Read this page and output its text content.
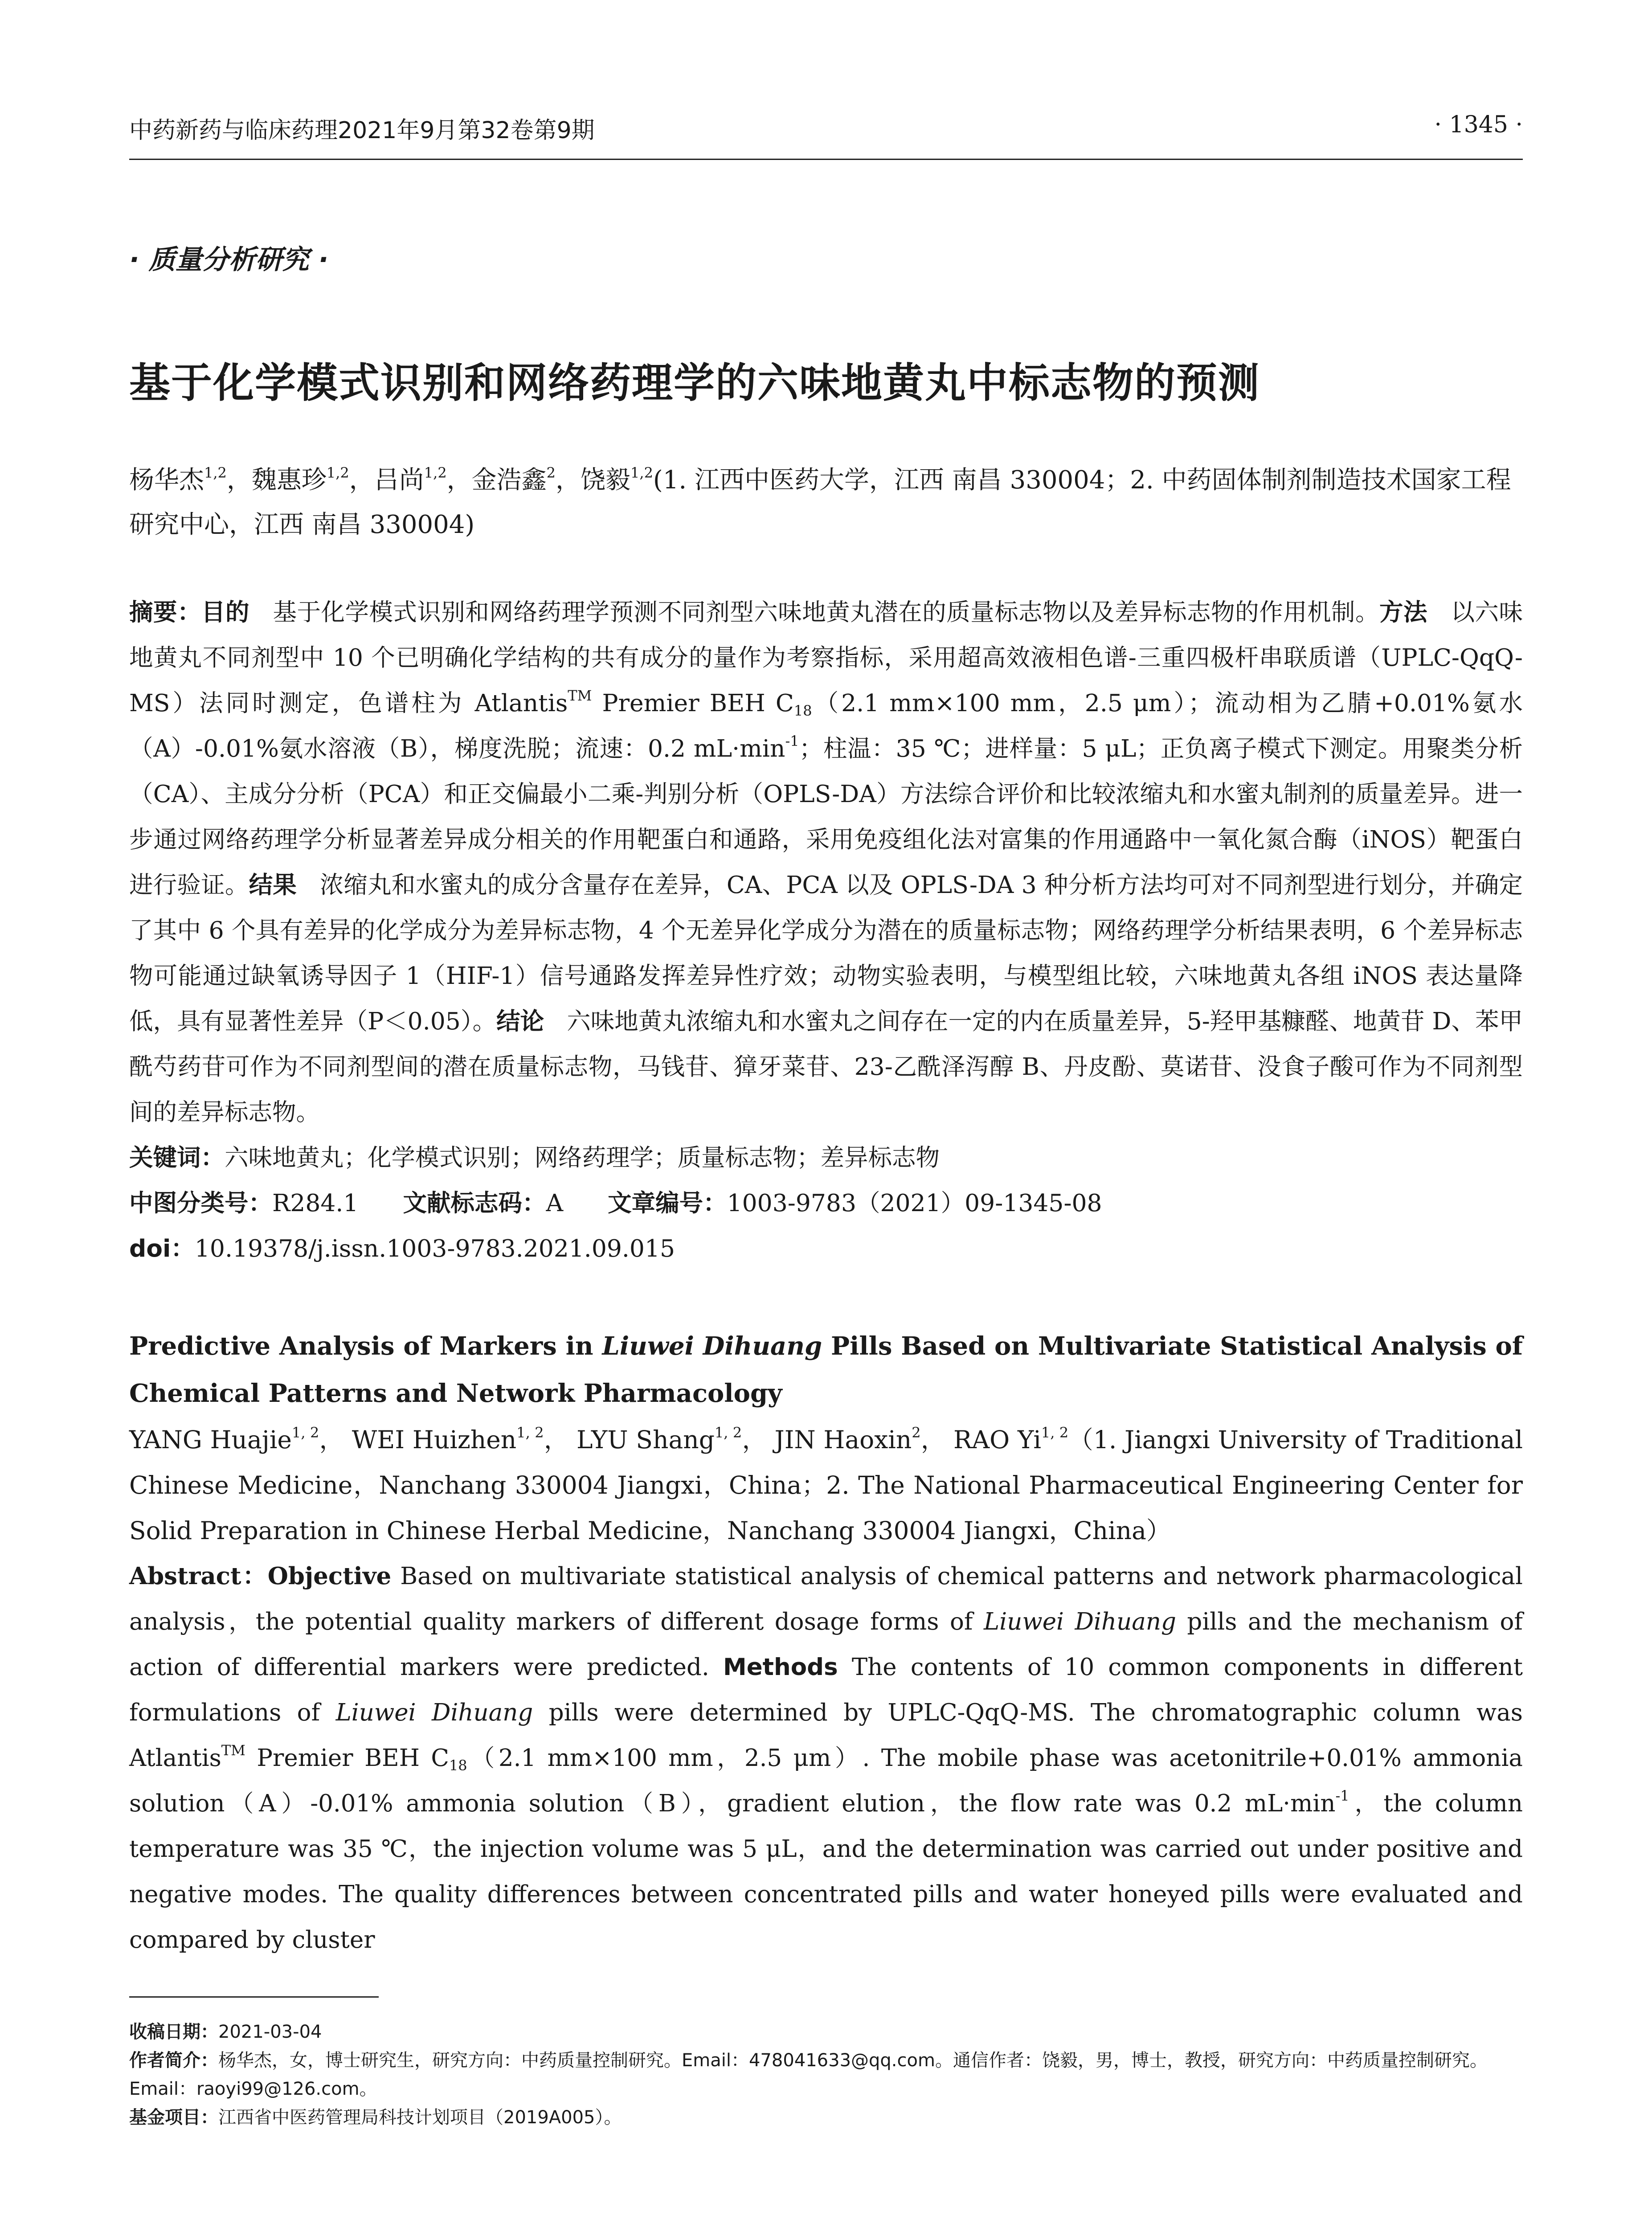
中药新药与临床药理2021年9月第32卷第9期	· 1345 ·
· 质量分析研究 ·
基于化学模式识别和网络药理学的六味地黄丸中标志物的预测

杨华杰$^{1,2}$，魏惠珍$^{1,2}$，吕尚$^{1,2}$，金浩鑫$^2$，饶毅$^{1,2}$(1. 江西中医药大学，江西 南昌 330004；2. 中药固体制剂制造技术国家工程研究中心，江西 南昌 330004)

摘要：目的 基于化学模式识别和网络药理学预测不同剂型六味地黄丸潜在的质量标志物以及差异标志物的作用机制。方法 以六味地黄丸不同剂型中 10 个已明确化学结构的共有成分的量作为考察指标，采用超高效液相色谱-三重四极杆串联质谱（UPLC-QqQ-MS）法同时测定，色谱柱为 Atlantis™ Premier BEH $C_{18}(2.1$ mm×100 mm，2.5 μm）；流动相为乙腈+0.01%氨水（A）-0.01%氨水溶液（B），梯度洗脱；流速：0.2 $mL\cdot\min^{-1}$；柱温：35 ℃；进样量：5 μL；正负离子模式下测定。用聚类分析（CA）、主成分分析（PCA）和正交偏最小二乘-判别分析（OPLS-DA）方法综合评价和比较浓缩丸和水蜜丸制剂的质量差异。进一步通过网络药理学分析显著差异成分相关的作用靶蛋白和通路，采用免疫组化法对富集的作用通路中一氧化氮合酶（iNOS）靶蛋白进行验证。结果 浓缩丸和水蜜丸的成分含量存在差异，CA、PCA 以及 OPLS-DA 3 种分析方法均可对不同剂型进行划分，并确定了其中 6 个具有差异的化学成分为差异标志物，4 个无差异化学成分为潜在的质量标志物；网络药理学分析结果表明，6 个差异标志物可能通过缺氧诱导因子 1（HIF-1）信号通路发挥差异性疗效；动物实验表明，与模型组比较，六味地黄丸各组 iNOS 表达量降低，具有显著性差异（P＜0.05）。结论 六味地黄丸浓缩丸和水蜜丸之间存在一定的内在质量差异，5-羟甲基糠醛、地黄苷 D、苯甲酰芍药苷可作为不同剂型间的潜在质量标志物，马钱苷、獐牙菜苷、23-乙酰泽泻醇 B、丹皮酚、莫诺苷、没食子酸可作为不同剂型间的差异标志物。

关键词：六味地黄丸；化学模式识别；网络药理学；质量标志物；差异标志物

中图分类号：R284.1 文献标志码：A 文章编号：1003-9783（2021）09-1345-08

doi：10.19378/j.issn.1003-9783.2021.09.015

Predictive Analysis of Markers in Liuwei Dihuang Pills Based on Multivariate Statistical Analysis of Chemical Patterns and Network Pharmacology

YANG Huajie$^{1, 2}$， WEI Huizhen$^{1, 2}$， LYU Shang$^{1, 2}$， JIN Haoxin$^2$， RAO Yi$^{1, 2}$（1. Jiangxi University of Traditional Chinese Medicine，Nanchang 330004 Jiangxi，China；2. The National Pharmaceutical Engineering Center for Solid Preparation in Chinese Herbal Medicine，Nanchang 330004 Jiangxi，China）

Abstract：Objective Based on multivariate statistical analysis of chemical patterns and network pharmacological analysis，the potential quality markers of different dosage forms of Liuwei Dihuang pills and the mechanism of action of differential markers were predicted. Methods The contents of 10 common components in different formulations of Liuwei Dihuang pills were determined by UPLC-QqQ-MS. The chromatographic column was Atlantis™ Premier BEH $C_{18}(2.1$ mm×100 mm，2.5 μm）. The mobile phase was acetonitrile+0.01% ammonia solution（A）-0.01% ammonia solution（B），gradient elution，the flow rate was 0.2 $mL\cdot\min^{-1}$，the column temperature was 35 ℃，the injection volume was 5 μL，and the determination was carried out under positive and negative modes. The quality differences between concentrated pills and water honeyed pills were evaluated and compared by cluster

收稿日期：2021-03-04

作者简介：杨华杰，女，博士研究生，研究方向：中药质量控制研究。Email：478041633@qq.com。通信作者：饶毅，男，博士，教授，研究方向：中药质量控制研究。Email：raoyi99@126.com。

基金项目：江西省中医药管理局科技计划项目（2019A005）。
